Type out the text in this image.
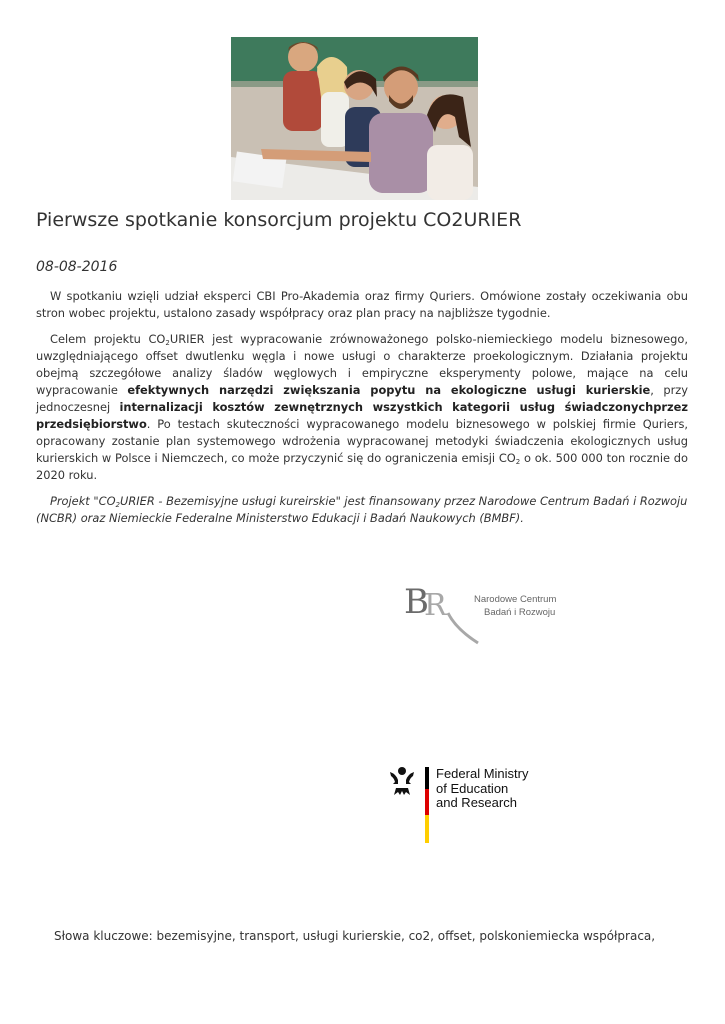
Pierwsze spotkanie konsorcjum projektu CO2URIER

08-08-2016

W spotkaniu wzięli udział eksperci CBI Pro-Akademia oraz firmy Quriers. Omówione zostały oczekiwania obu stron wobec projektu, ustalono zasady współpracy oraz plan pracy na najbliższe tygodnie.

Celem projektu $CO_2URIER$ jest wypracowanie zrównoważonego polsko-niemieckiego modelu biznesowego, uwzględniającego offset dwutlenku węgla i nowe usługi o charakterze proekologicznym. Działania projektu obejmą szczegółowe analizy śladów węglowych i empiryczne eksperymenty polowe, mające na celu wypracowanie efektywnych narzędzi zwiększania popytu na ekologiczne usługi kurierskie, przy jednoczesnej internalizacji kosztów zewnętrznych wszystkich kategorii usług świadczonychprzez przedsiębiorstwo. Po testach skuteczności wypracowanego modelu biznesowego w polskiej firmie Quriers, opracowany zostanie plan systemowego wdrożenia wypracowanej metodyki świadczenia ekologicznych usług kurierskich w Polsce i Niemczech, co może przyczynić się do ograniczenia emisji $CO_2$ o ok. 500 000 ton rocznie do 2020 roku.

Projekt "$CO_2URIER$ - Bezemisyjne usługi kureirskie" jest finansowany przez Narodowe Centrum Badań i Rozwoju (NCBR) oraz Niemieckie Federalne Ministerstwo Edukacji i Badań Naukowych (BMBF).

B
R	Narodowe Centrum
Badań i Rozwoju
Federal Ministry
of Education
and Research

Słowa kluczowe: bezemisyjne, transport, usługi kurierskie, co2, offset, polskoniemiecka współpraca,
